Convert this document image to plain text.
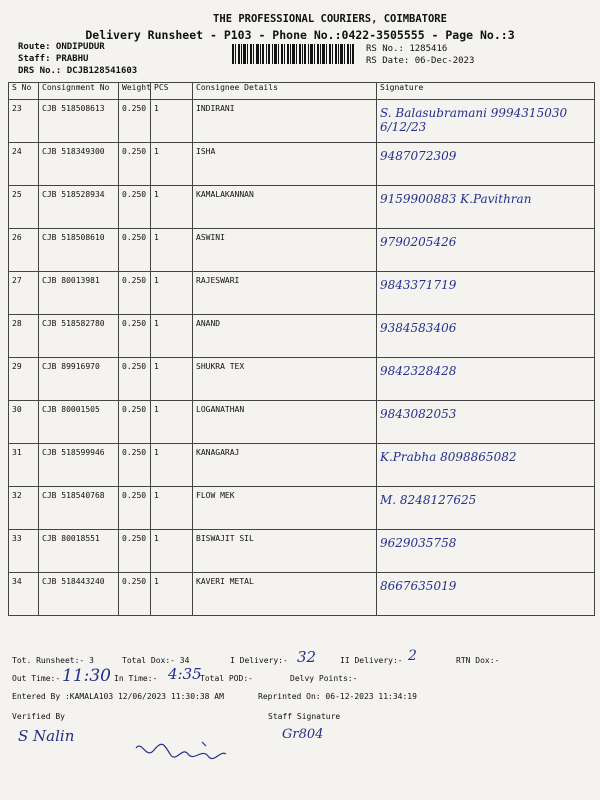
THE PROFESSIONAL COURIERS, COIMBATORE
Delivery Runsheet - P103 - Phone No.:0422-3505555 - Page No.:3
Route: ONDIPUDUR
Staff: PRABHU
DRS No.: DCJB128541603
RS No.: 1285416
RS Date: 06-Dec-2023
S No	Consignment No	Weight	PCS	Consignee Details	Signature
23	CJB 518508613	0.250	1	INDIRANI	S. Balasubramani 9994315030 6/12/23
24	CJB 518349300	0.250	1	ISHA	9487072309
25	CJB 518528934	0.250	1	KAMALAKANNAN	9159900883 K.Pavithran
26	CJB 518508610	0.250	1	ASWINI	9790205426
27	CJB 80013981	0.250	1	RAJESWARI	9843371719
28	CJB 518582780	0.250	1	ANAND	9384583406
29	CJB 89916970	0.250	1	SHUKRA TEX	9842328428
30	CJB 80001505	0.250	1	LOGANATHAN	9843082053
31	CJB 518599946	0.250	1	KANAGARAJ	K.Prabha 8098865082
32	CJB 518540768	0.250	1	FLOW MEK	M. 8248127625
33	CJB 80018551	0.250	1	BISWAJIT SIL	9629035758
34	CJB 518443240	0.250	1	KAVERI METAL	8667635019
Tot. Runsheet:- 3	Total Dox:- 34	I Delivery:- 32	II Delivery:- 2	RTN Dox:-
Out Time:- 11:30 In Time:- 4:35
Total POD:-	Delvy Points:-
Entered By :KAMALA103 12/06/2023 11:30:38 AM	Reprinted On: 06-12-2023 11:34:19
Verified By	Staff Signature
S Nalin	Gr804
